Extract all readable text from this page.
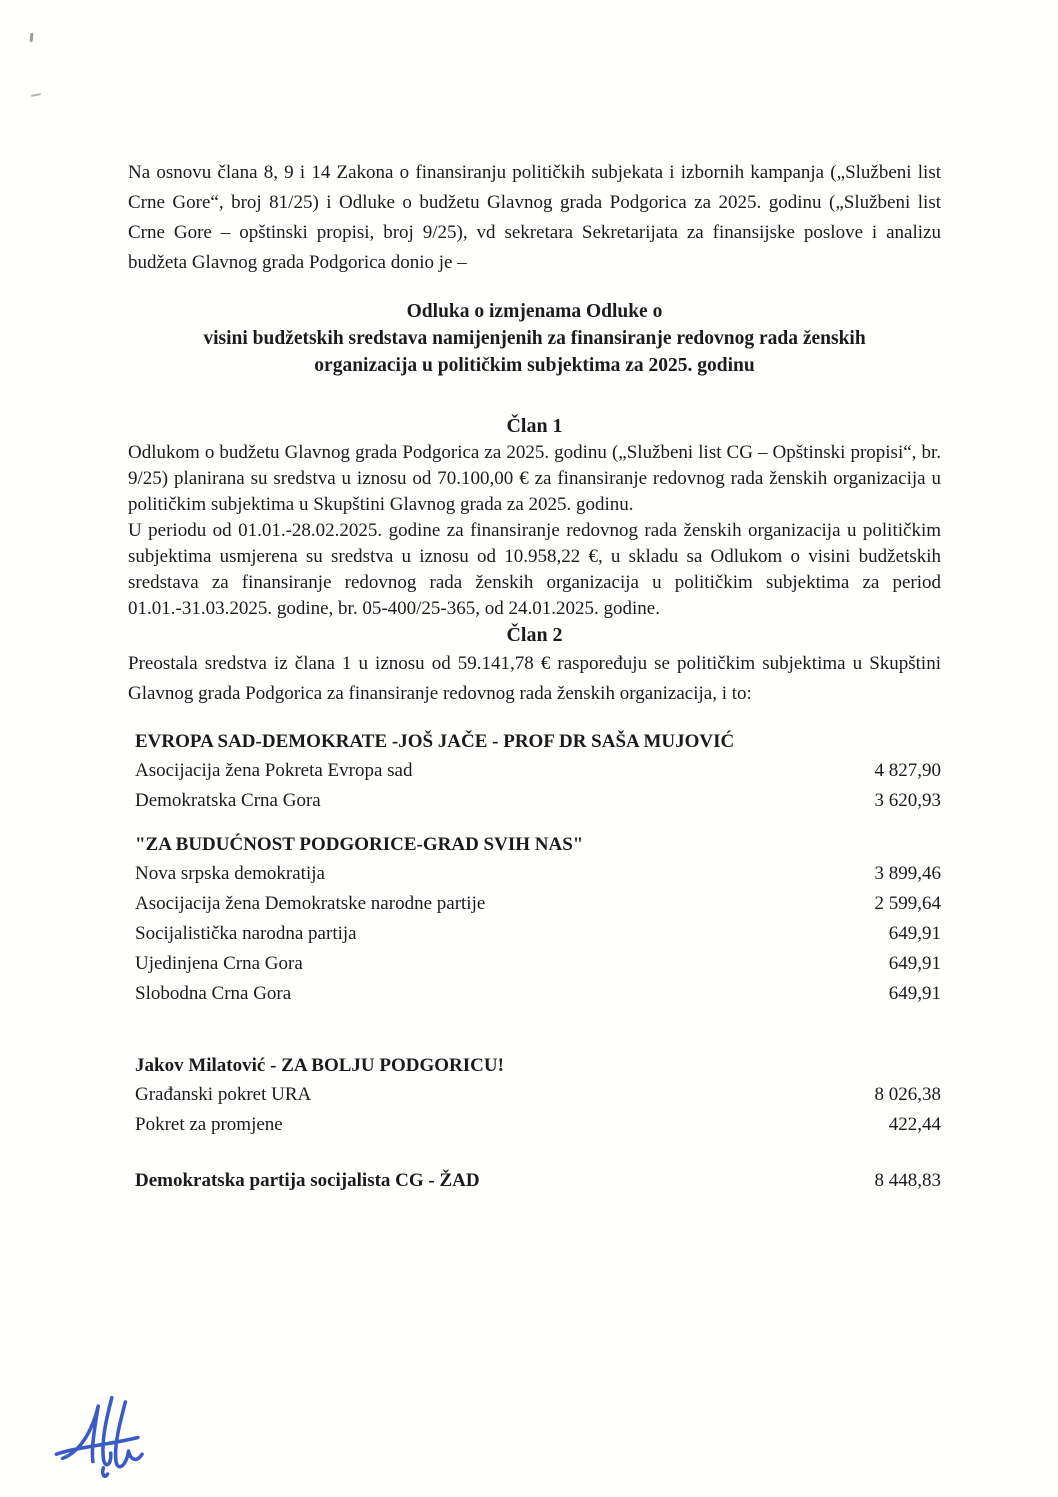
Na osnovu člana 8, 9 i 14 Zakona o finansiranju političkih subjekata i izbornih kampanja („Službeni list Crne Gore“, broj 81/25) i Odluke o budžetu Glavnog grada Podgorica za 2025. godinu („Službeni list Crne Gore – opštinski propisi, broj 9/25), vd sekretara Sekretarijata za finansijske poslove i analizu budžeta Glavnog grada Podgorica donio je –

Odluka o izmjenama Odluke o
visini budžetskih sredstava namijenjenih za finansiranje redovnog rada ženskih
organizacija u političkim subjektima za 2025. godinu
Član 1

Odlukom o budžetu Glavnog grada Podgorica za 2025. godinu („Službeni list CG – Opštinski propisi“, br. 9/25) planirana su sredstva u iznosu od 70.100,00 € za finansiranje redovnog rada ženskih organizacija u političkim subjektima u Skupštini Glavnog grada za 2025. godinu.

U periodu od 01.01.-28.02.2025. godine za finansiranje redovnog rada ženskih organizacija u političkim subjektima usmjerena su sredstva u iznosu od 10.958,22 €, u skladu sa Odlukom o visini budžetskih sredstava za finansiranje redovnog rada ženskih organizacija u političkim subjektima za period 01.01.-31.03.2025. godine, br. 05-400/25-365, od 24.01.2025. godine.

Član 2

Preostala sredstva iz člana 1 u iznosu od 59.141,78 € raspoređuju se političkim subjektima u Skupštini Glavnog grada Podgorica za finansiranje redovnog rada ženskih organizacija, i to:

EVROPA SAD-DEMOKRATE -JOŠ JAČE - PROF DR SAŠA MUJOVIĆ
Asocijacija žena Pokreta Evropa sad	4 827,90
Demokratska Crna Gora	3 620,93
"ZA BUDUĆNOST PODGORICE-GRAD SVIH NAS"
Nova srpska demokratija	3 899,46
Asocijacija žena Demokratske narodne partije	2 599,64
Socijalistička narodna partija	649,91
Ujedinjena Crna Gora	649,91
Slobodna Crna Gora	649,91
Jakov Milatović - ZA BOLJU PODGORICU!
Građanski pokret URA	8 026,38
Pokret za promjene	422,44
Demokratska partija socijalista CG - ŽAD	8 448,83
